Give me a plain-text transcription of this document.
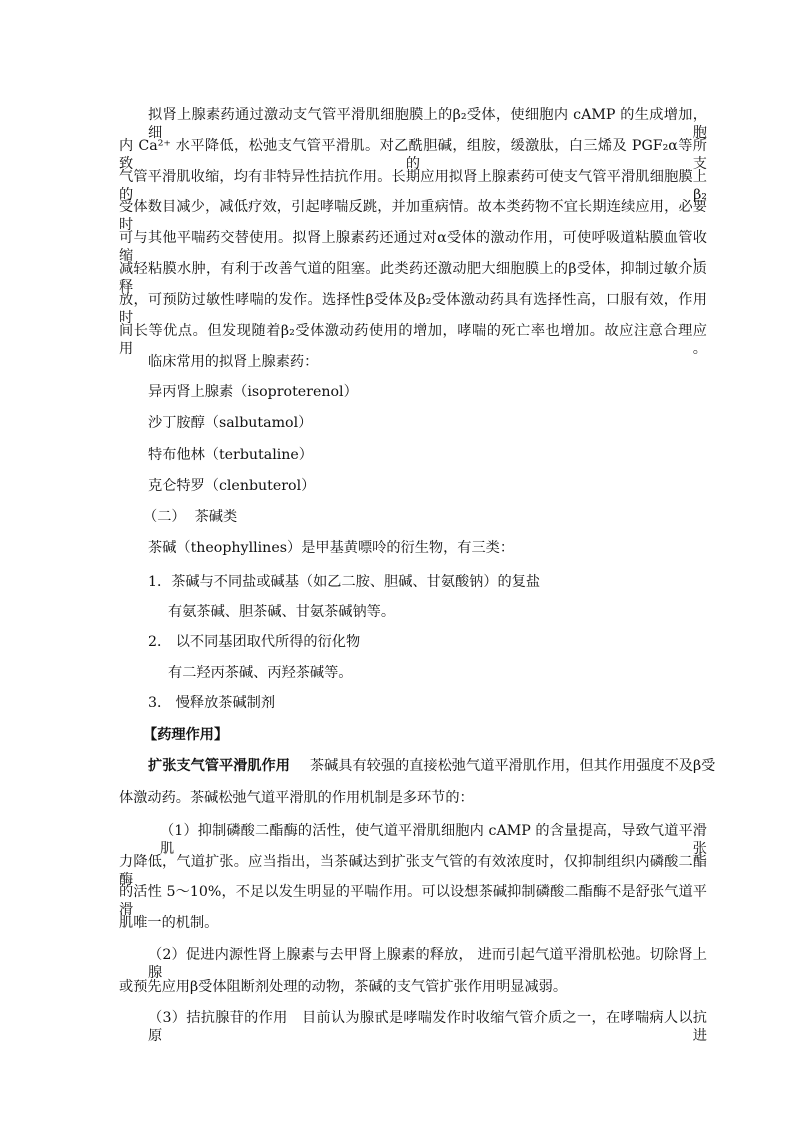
拟肾上腺素药通过激动支气管平滑肌细胞膜上的β₂受体，使细胞内 cAMP 的生成增加，细胞
内 Ca²⁺ 水平降低，松弛支气管平滑肌。对乙酰胆碱，组胺，缓激肽，白三烯及 PGF₂α等所致的支
气管平滑肌收缩，均有非特异性拮抗作用。长期应用拟肾上腺素药可使支气管平滑肌细胞膜上的β₂
受体数目减少，减低疗效，引起哮喘反跳，并加重病情。故本类药物不宜长期连续应用，必要时
可与其他平喘药交替使用。拟肾上腺素药还通过对α受体的激动作用，可使呼吸道粘膜血管收缩，
减轻粘膜水肿，有利于改善气道的阻塞。此类药还激动肥大细胞膜上的β受体，抑制过敏介质释
放，可预防过敏性哮喘的发作。选择性β受体及β₂受体激动药具有选择性高，口服有效，作用时
间长等优点。但发现随着β₂受体激动药使用的增加，哮喘的死亡率也增加。故应注意合理应用。
临床常用的拟肾上腺素药：
异丙肾上腺素（isoproterenol）
沙丁胺醇（salbutamol）
特布他林（terbutaline）
克仑特罗（clenbuterol）
（二）  茶碱类
茶碱（theophyllines）是甲基黄嘌呤的衍生物，有三类：
1．茶碱与不同盐或碱基（如乙二胺、胆碱、甘氨酸钠）的复盐
有氨茶碱、胆茶碱、甘氨茶碱钠等。
2． 以不同基团取代所得的衍化物
有二羟丙茶碱、丙羟茶碱等。
3． 慢释放茶碱制剂
【药理作用】
扩张支气管平滑肌作用 茶碱具有较强的直接松弛气道平滑肌作用，但其作用强度不及β受
体激动药。茶碱松弛气道平滑肌的作用机制是多环节的：
（1）抑制磷酸二酯酶的活性，使气道平滑肌细胞内 cAMP 的含量提高，导致气道平滑肌张
力降低，气道扩张。应当指出，当茶碱达到扩张支气管的有效浓度时，仅抑制组织内磷酸二酯酶
的活性 5～10%，不足以发生明显的平喘作用。可以设想茶碱抑制磷酸二酯酶不是舒张气道平滑
肌唯一的机制。
（2）促进内源性肾上腺素与去甲肾上腺素的释放， 进而引起气道平滑肌松弛。切除肾上腺
或预先应用β受体阻断剂处理的动物，茶碱的支气管扩张作用明显减弱。
（3）拮抗腺苷的作用   目前认为腺甙是哮喘发作时收缩气管介质之一，在哮喘病人以抗原进
